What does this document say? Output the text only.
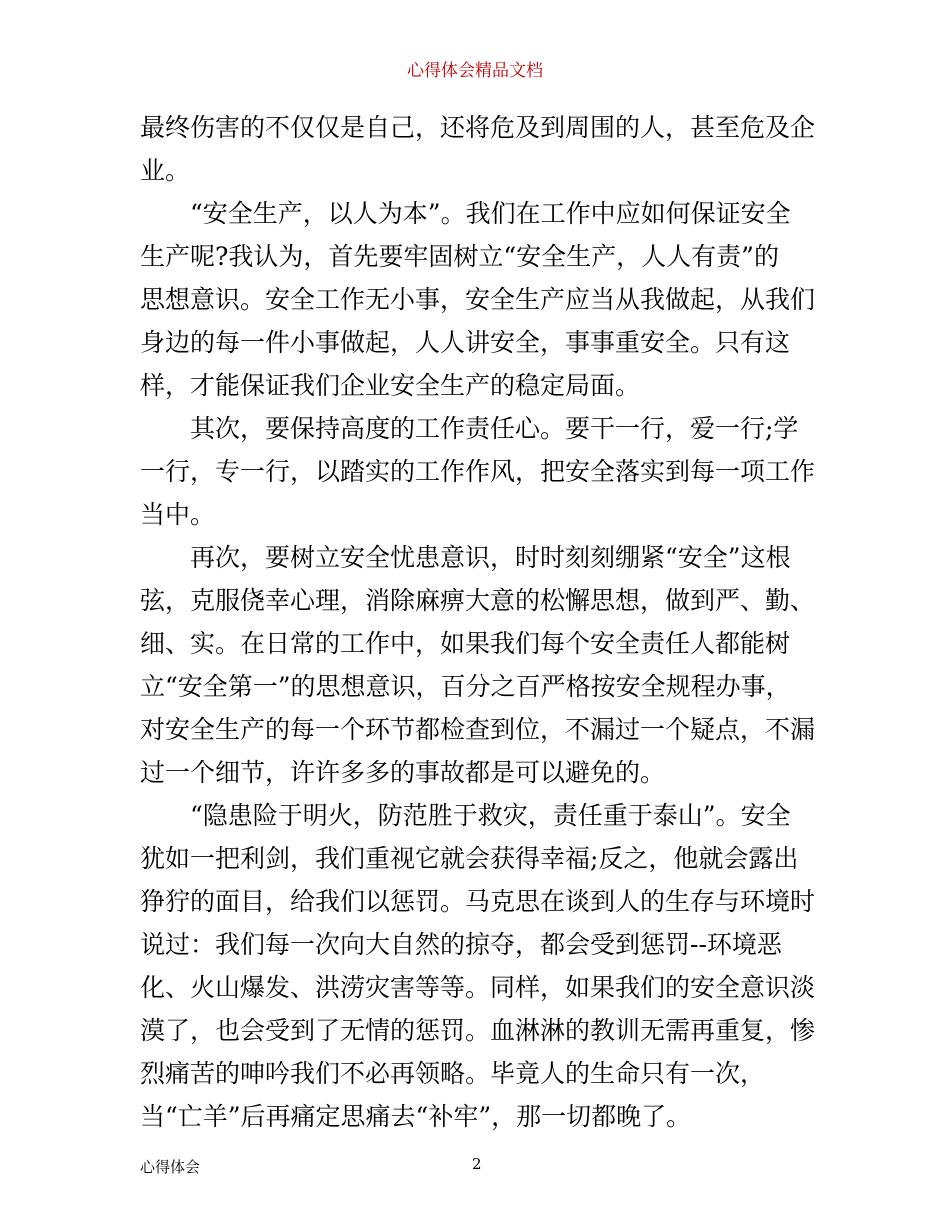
心得体会精品文档
最终伤害的不仅仅是自己，还将危及到周围的人，甚至危及企
业。
　　“安全生产，以人为本”。我们在工作中应如何保证安全
生产呢?我认为，首先要牢固树立“安全生产，人人有责”的
思想意识。安全工作无小事，安全生产应当从我做起，从我们
身边的每一件小事做起，人人讲安全，事事重安全。只有这
样，才能保证我们企业安全生产的稳定局面。
　　其次，要保持高度的工作责任心。要干一行，爱一行;学
一行，专一行，以踏实的工作作风，把安全落实到每一项工作
当中。
　　再次，要树立安全忧患意识，时时刻刻绷紧“安全”这根
弦，克服侥幸心理，消除麻痹大意的松懈思想，做到严、勤、
细、实。在日常的工作中，如果我们每个安全责任人都能树
立“安全第一”的思想意识，百分之百严格按安全规程办事，
对安全生产的每一个环节都检查到位，不漏过一个疑点，不漏
过一个细节，许许多多的事故都是可以避免的。
　　“隐患险于明火，防范胜于救灾，责任重于泰山”。安全
犹如一把利剑，我们重视它就会获得幸福;反之，他就会露出
狰狞的面目，给我们以惩罚。马克思在谈到人的生存与环境时
说过：我们每一次向大自然的掠夺，都会受到惩罚--环境恶
化、火山爆发、洪涝灾害等等。同样，如果我们的安全意识淡
漠了，也会受到了无情的惩罚。血淋淋的教训无需再重复，惨
烈痛苦的呻吟我们不必再领略。毕竟人的生命只有一次，
当“亡羊”后再痛定思痛去“补牢”，那一切都晚了。
心得体会	2
